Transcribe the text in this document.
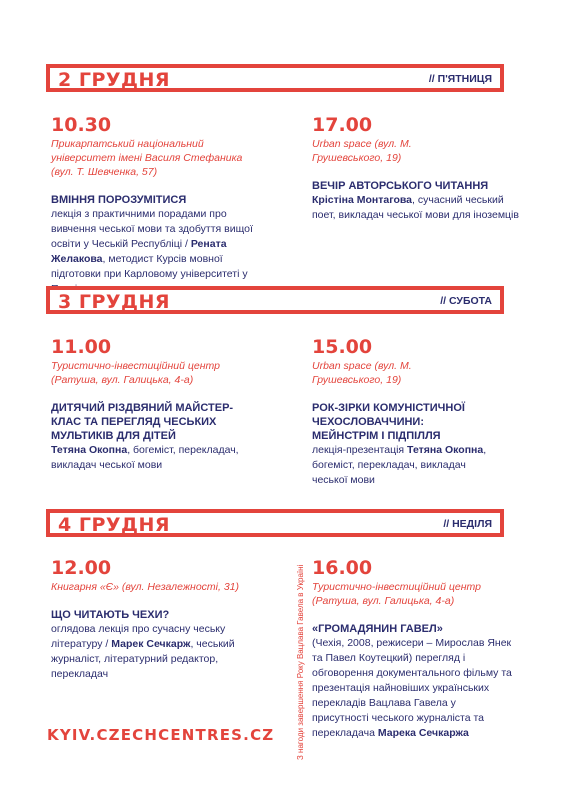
2 ГРУДНЯ	// П'ЯТНИЦЯ
10.30
Прикарпатський національний університет імені Василя Стефаника (вул. Т. Шевченка, 57)
ВМІННЯ ПОРОЗУМІТИСЯ
лекція з практичними порадами про вивчення чеської мови та здобуття вищої освіти у Чеській Республіці / Рената Желакова, методист Курсів мовної підготовки при Карловому університеті у
17.00
Urban space (вул. М. Грушевського, 19)
ВЕЧІР АВТОРСЬКОГО ЧИТАННЯ
Крістіна Монтагова, сучасний чеський поет, викладач чеської мови для іноземців
3 ГРУДНЯ	// СУБОТА
11.00
Туристично-інвестиційний центр (Ратуша, вул. Галицька, 4-а)
ДИТЯЧИЙ РІЗДВЯНИЙ МАЙСТЕР-КЛАС ТА ПЕРЕГЛЯД ЧЕСЬКИХ МУЛЬТИКІВ ДЛЯ ДІТЕЙ
Тетяна Окопна, богеміст, перекладач, викладач чеської мови
15.00
Urban space (вул. М. Грушевського, 19)
РОК-ЗІРКИ КОМУНІСТИЧНОЇ ЧЕХОСЛОВАЧЧИНИ: МЕЙНСТРІМ І ПІДПІЛЛЯ
лекція-презентація Тетяна Окопна, богеміст, перекладач, викладач чеської мови
4 ГРУДНЯ	// НЕДІЛЯ
12.00
Книгарня «Є» (вул. Незалежності, 31)
ЩО ЧИТАЮТЬ ЧЕХИ?
оглядова лекція про сучасну чеську літературу / Марек Сечкарж, чеський журналіст, літературний редактор, перекладач
16.00
Туристично-інвестиційний центр (Ратуша, вул. Галицька, 4-а)
«ГРОМАДЯНИН ГАВЕЛ»
(Чехія, 2008, режисери – Мирослав Янек та Павел Коутецкий) перегляд і обговорення документального фільму та презентація найновіших українських перекладів Вацлава Гавела у присутності чеського журналіста та перекладача Марека Сечкаржа
KYIV.CZECHCENTRES.CZ	З нагоди завершення Року Вацлава Гавела в Україні
